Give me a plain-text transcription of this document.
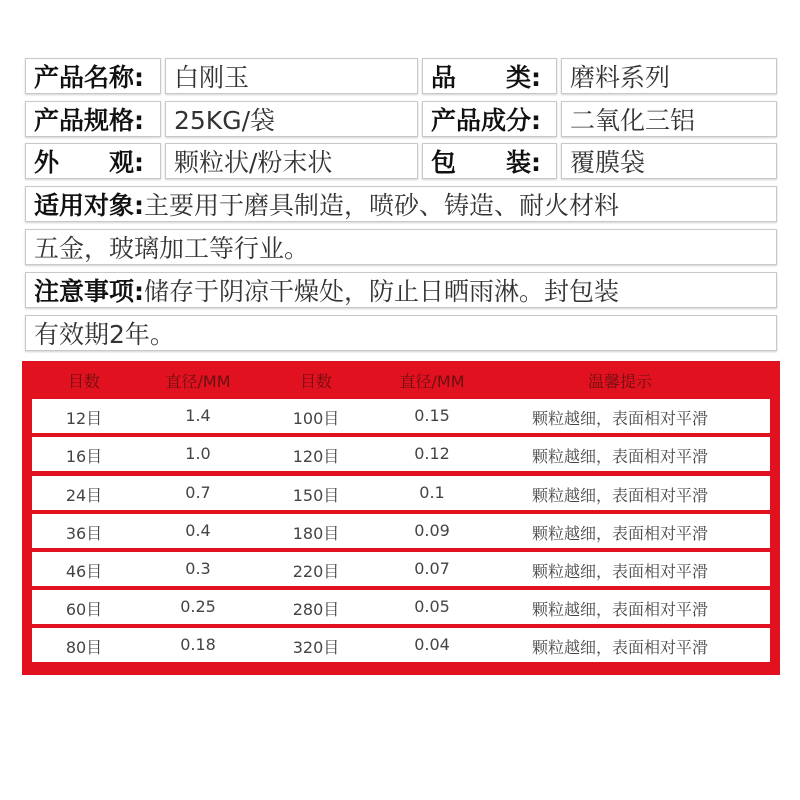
产品名称:	白刚玉	品　　类:	磨料系列
产品规格:	25KG/袋	产品成分:	二氧化三铝
外　　观:	颗粒状/粉末状	包　　装:	覆膜袋
适用对象: 主要用于磨具制造，喷砂、铸造、耐火材料
五金，玻璃加工等行业。
注意事项: 储存于阴凉干燥处，防止日晒雨淋。封包装
有效期2年。
目数	直径/MM	目数	直径/MM	温馨提示
12目	1.4	100目	0.15	颗粒越细，表面相对平滑
16目	1.0	120目	0.12	颗粒越细，表面相对平滑
24目	0.7	150目	0.1	颗粒越细，表面相对平滑
36目	0.4	180目	0.09	颗粒越细，表面相对平滑
46目	0.3	220目	0.07	颗粒越细，表面相对平滑
60目	0.25	280目	0.05	颗粒越细，表面相对平滑
80目	0.18	320目	0.04	颗粒越细，表面相对平滑
